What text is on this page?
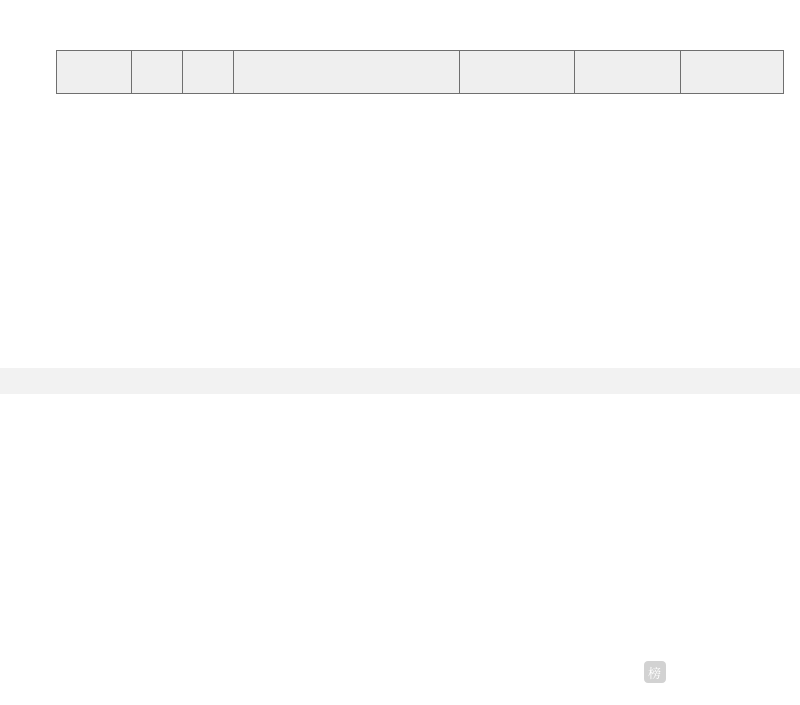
榜
